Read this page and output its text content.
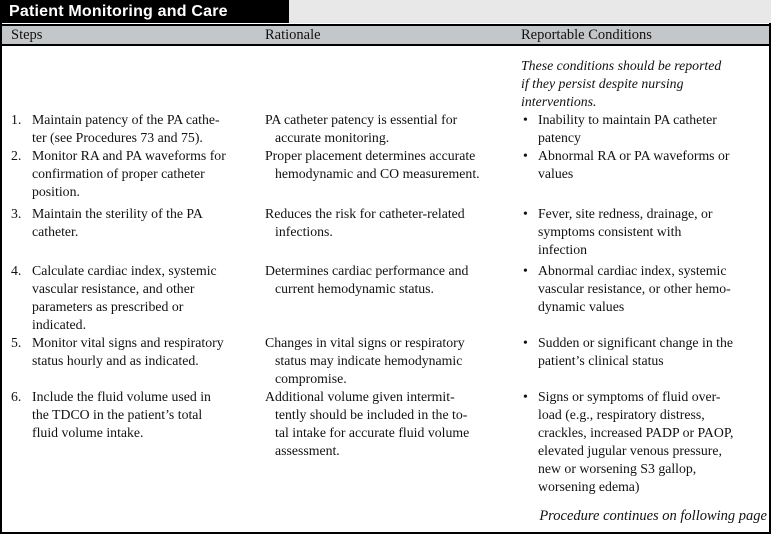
Patient Monitoring and Care
Steps	Rationale	Reportable Conditions
These conditions should be reported
if they persist despite nursing
interventions.
1. Maintain patency of the PA cathe-
ter (see Procedures 73 and 75).
PA catheter patency is essential for
accurate monitoring.
• Inability to maintain PA catheter
patency
2. Monitor RA and PA waveforms for
confirmation of proper catheter
position.
Proper placement determines accurate
hemodynamic and CO measurement.
• Abnormal RA or PA waveforms or
values
3. Maintain the sterility of the PA
catheter.
Reduces the risk for catheter-related
infections.
• Fever, site redness, drainage, or
symptoms consistent with
infection
4. Calculate cardiac index, systemic
vascular resistance, and other
parameters as prescribed or
indicated.
Determines cardiac performance and
current hemodynamic status.
• Abnormal cardiac index, systemic
vascular resistance, or other hemo-
dynamic values
5. Monitor vital signs and respiratory
status hourly and as indicated.
Changes in vital signs or respiratory
status may indicate hemodynamic
compromise.
• Sudden or significant change in the
patient’s clinical status
6. Include the fluid volume used in
the TDCO in the patient’s total
fluid volume intake.
Additional volume given intermit-
tently should be included in the to-
tal intake for accurate fluid volume
assessment.
• Signs or symptoms of fluid over-
load (e.g., respiratory distress,
crackles, increased PADP or PAOP,
elevated jugular venous pressure,
new or worsening S3 gallop,
worsening edema)
Procedure continues on following page
